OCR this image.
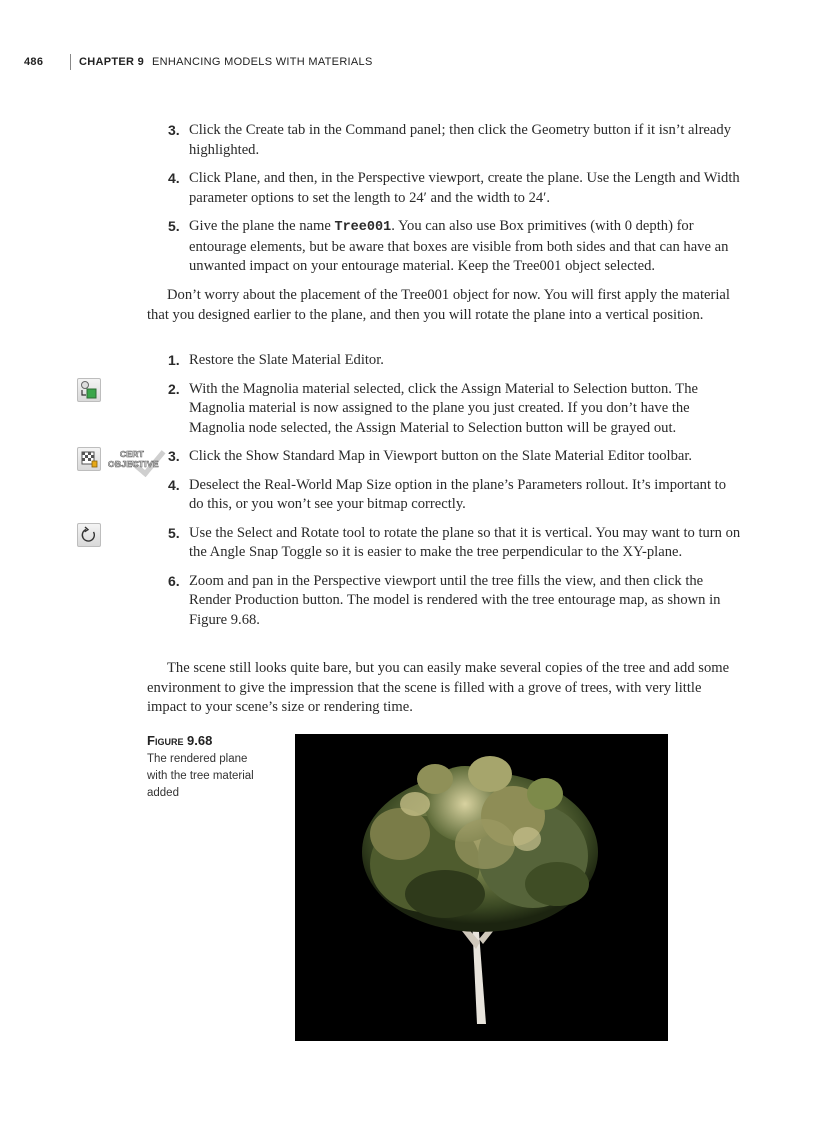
486	CHAPTER 9 ENHANCING MODELS WITH MATERIALS
3. Click the Create tab in the Command panel; then click the Geometry button if it isn’t already highlighted.
4. Click Plane, and then, in the Perspective viewport, create the plane. Use the Length and Width parameter options to set the length to 24′ and the width to 24′.
5. Give the plane the name Tree001. You can also use Box primitives (with 0 depth) for entourage elements, but be aware that boxes are visible from both sides and that can have an unwanted impact on your entourage material. Keep the Tree001 object selected.

Don’t worry about the placement of the Tree001 object for now. You will first apply the material that you designed earlier to the plane, and then you will rotate the plane into a vertical position.

1. Restore the Slate Material Editor.
2. With the Magnolia material selected, click the Assign Material to Selection button. The Magnolia material is now assigned to the plane you just created. If you don’t have the Magnolia node selected, the Assign Material to Selection button will be grayed out.
3. Click the Show Standard Map in Viewport button on the Slate Material Editor toolbar.
4. Deselect the Real-World Map Size option in the plane’s Parameters rollout. It’s important to do this, or you won’t see your bitmap correctly.
5. Use the Select and Rotate tool to rotate the plane so that it is vertical. You may want to turn on the Angle Snap Toggle so it is easier to make the tree perpendicular to the XY-plane.
6. Zoom and pan in the Perspective viewport until the tree fills the view, and then click the Render Production button. The model is rendered with the tree entourage map, as shown in Figure 9.68.

The scene still looks quite bare, but you can easily make several copies of the tree and add some environment to give the impression that the scene is filled with a grove of trees, with very little impact to your scene’s size or rendering time.

CERT
OBJECTIVE
Figure 9.68
The rendered plane with the tree material added
